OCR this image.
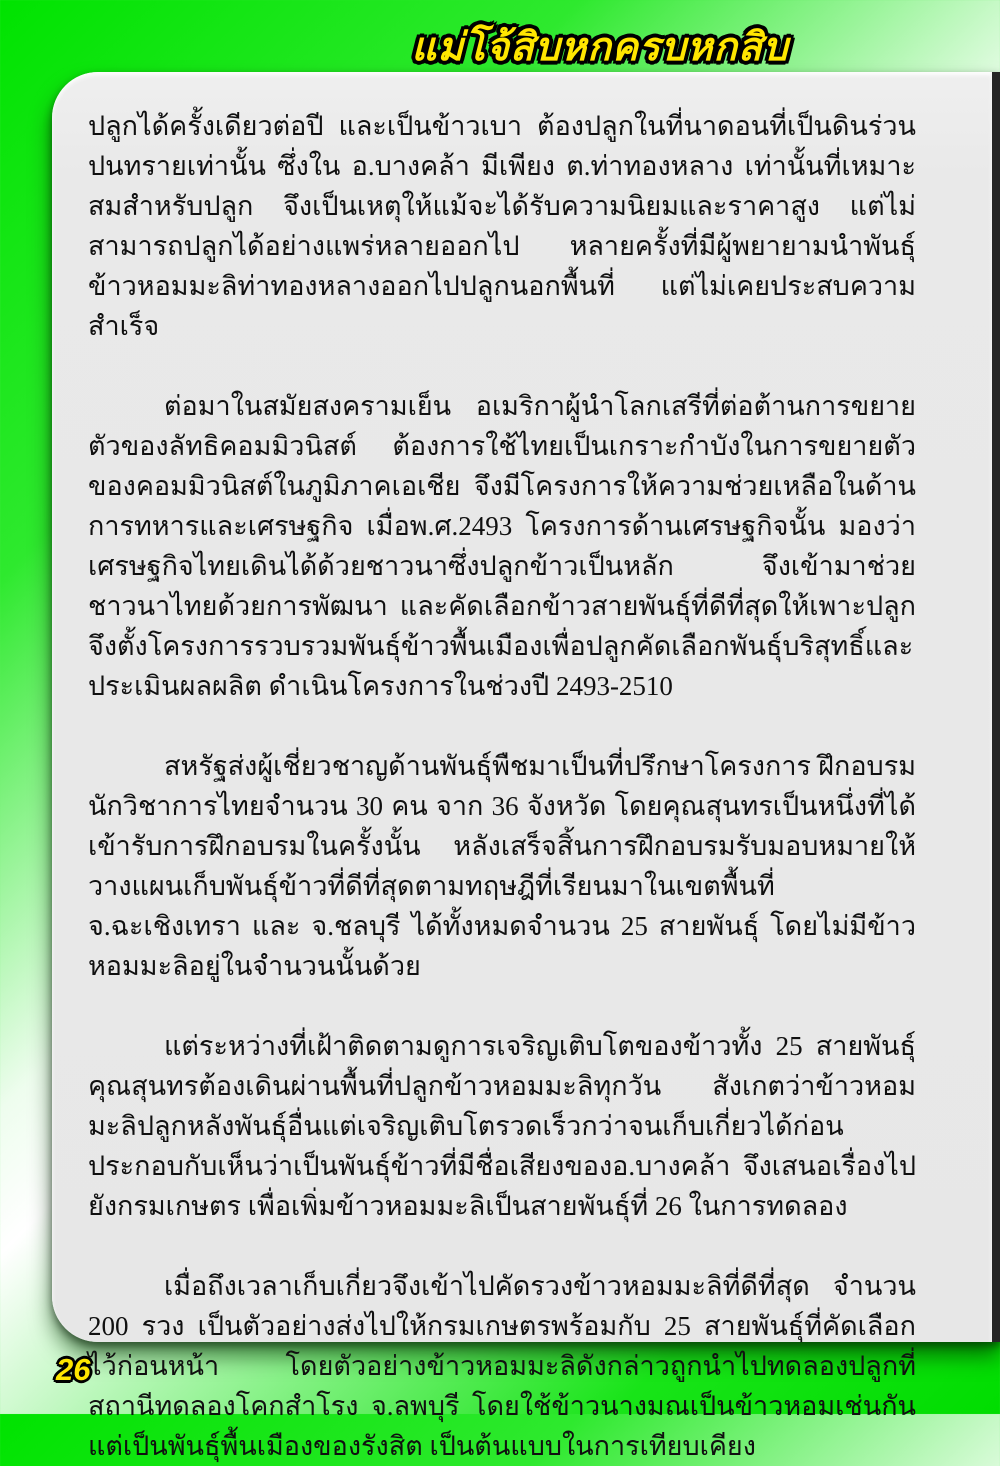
แม่โจ้สิบหกครบหกสิบ

ปลูกได้ครั้งเดียวต่อปี และเป็นข้าวเบา ต้องปลูกในที่นาดอนที่เป็นดินร่วนปนทรายเท่านั้น ซึ่งใน อ.บางคล้า มีเพียง ต.ท่าทองหลาง เท่านั้นที่เหมาะสมสำหรับปลูก จึงเป็นเหตุให้แม้​จะได้รับความนิยมและราคาสูง แต่ไม่สามารถปลูกได้อย่างแพร่หลายออกไป หลายครั้งที่​มีผู้พยายามนำพันธุ์ข้าวหอมมะลิท่าทองหลางออกไปปลูกนอกพื้นที่ แต่ไม่เคยประสบความ​สำเร็จ

ต่อมาในสมัยสงครามเย็น อเมริกาผู้นำโลกเสรีที่ต่อต้านการขยายตัวของลัทธิ​คอมมิวนิสต์ ต้องการใช้ไทยเป็นเกราะกำบังในการขยายตัวของคอมมิวนิสต์ในภูมิภาคเอเชีย จึงมีโครงการให้ความช่วยเหลือในด้านการทหารและเศรษฐกิจ เมื่อพ.ศ.2493 โครงการ​ด้านเศรษฐกิจนั้น มองว่า เศรษฐกิจไทยเดินได้ด้วยชาวนาซึ่งปลูกข้าวเป็นหลัก จึงเข้ามา​ช่วยชาวนาไทยด้วยการพัฒนา และคัดเลือกข้าวสายพันธุ์ที่ดีที่สุดให้เพาะปลูก จึงตั้ง​โครงการรวบรวมพันธุ์ข้าวพื้นเมืองเพื่อปลูกคัดเลือกพันธุ์บริสุทธิ์และประเมินผลผลิต ดำเนินโครงการในช่วงปี 2493-2510

สหรัฐส่งผู้เชี่ยวชาญด้านพันธุ์พืชมาเป็นที่ปรึกษาโครงการ ฝึกอบรมนักวิชาการไทย​จำนวน 30 คน จาก 36 จังหวัด โดยคุณสุนทรเป็นหนึ่งที่ได้เข้ารับการฝึกอบรมในครั้งนั้น หลังเสร็จสิ้นการฝึกอบรมรับมอบหมายให้วางแผนเก็บพันธุ์ข้าวที่ดีที่สุดตามทฤษฎีที่เรียน​มาในเขตพื้นที่ จ.ฉะเชิงเทรา และ จ.ชลบุรี ได้ทั้งหมดจำนวน 25 สายพันธุ์ โดยไม่มีข้าว​หอมมะลิอยู่ในจำนวนนั้นด้วย

แต่ระหว่างที่เฝ้าติดตามดูการเจริญเติบโตของข้าวทั้ง 25 สายพันธุ์ คุณสุนทรต้อง​เดินผ่านพื้นที่ปลูกข้าวหอมมะลิทุกวัน สังเกตว่าข้าวหอมมะลิปลูกหลังพันธุ์อื่นแต่เจริญ​เติบโตรวดเร็วกว่าจนเก็บเกี่ยวได้ก่อน ประกอบกับเห็นว่าเป็นพันธุ์ข้าวที่มีชื่อเสียงของ​อ.บางคล้า จึงเสนอเรื่องไปยังกรมเกษตร เพื่อเพิ่มข้าวหอมมะลิเป็นสายพันธุ์ที่ 26 ในการ​ทดลอง

เมื่อถึงเวลาเก็บเกี่ยวจึงเข้าไปคัดรวงข้าวหอมมะลิที่ดีที่สุด จำนวน 200 รวง เป็น​ตัวอย่างส่งไปให้กรมเกษตรพร้อมกับ 25 สายพันธุ์ที่คัดเลือกไว้ก่อนหน้า โดยตัวอย่างข้าว​หอมมะลิดังกล่าวถูกนำไปทดลองปลูกที่สถานีทดลองโคกสำโรง จ.ลพบุรี โดยใช้ข้าวนางมณ​เป็นข้าวหอมเช่นกัน แต่เป็นพันธุ์พื้นเมืองของรังสิต เป็นต้นแบบในการเทียบเคียง

26
